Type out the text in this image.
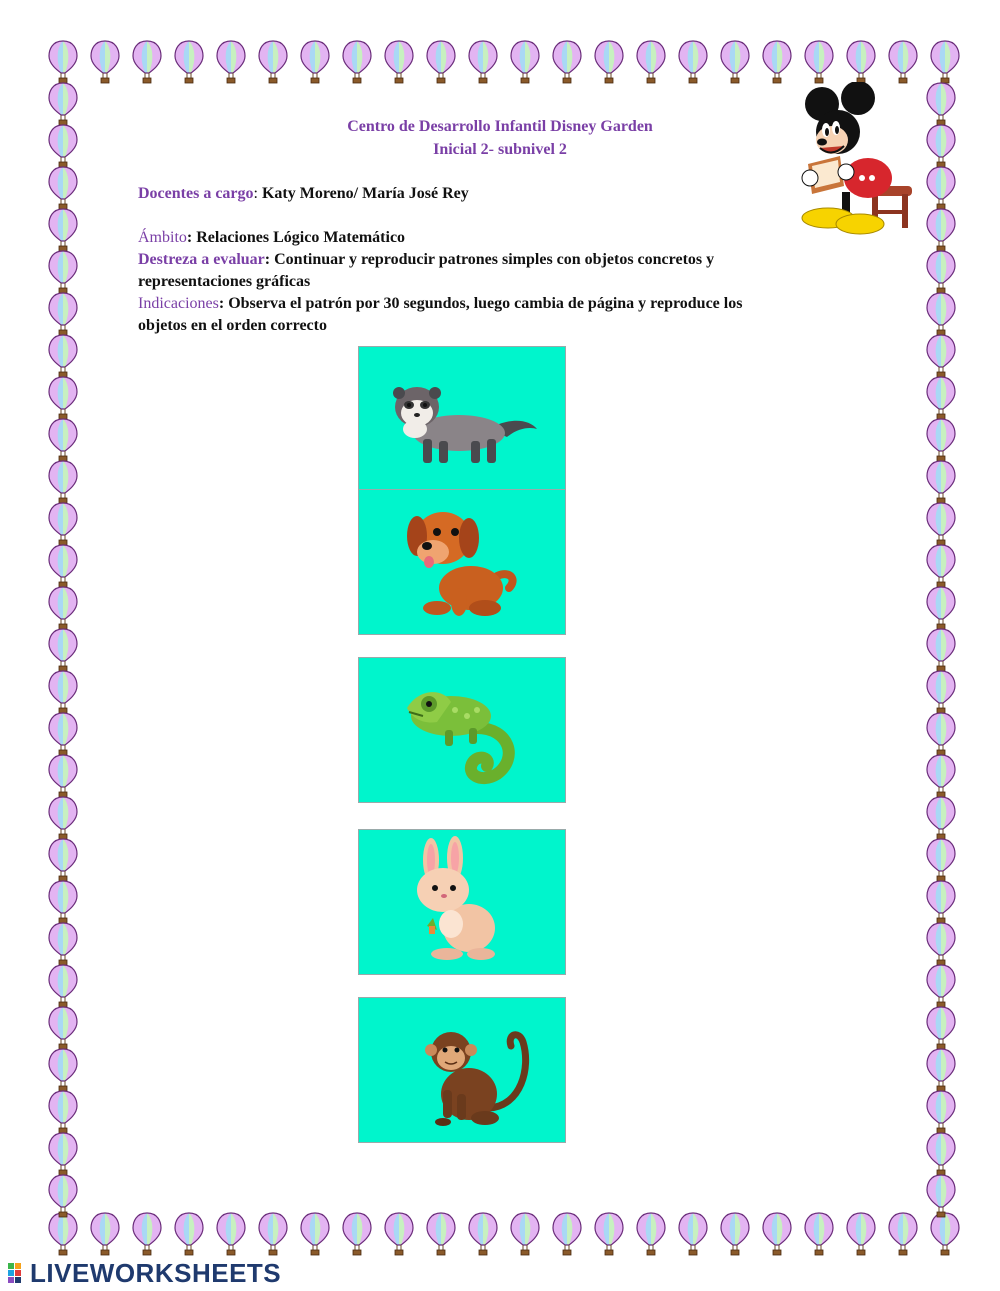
Centro de Desarrollo Infantil Disney Garden
Inicial 2- subnivel 2
Docentes a cargo: Katy Moreno/ María José Rey
Ámbito: Relaciones Lógico Matemático
Destreza a evaluar: Continuar y reproducir patrones simples con objetos concretos y
representaciones gráficas
Indicaciones: Observa el patrón por 30 segundos, luego cambia de página y reproduce los
objetos en el orden correcto
LIVEWORKSHEETS
